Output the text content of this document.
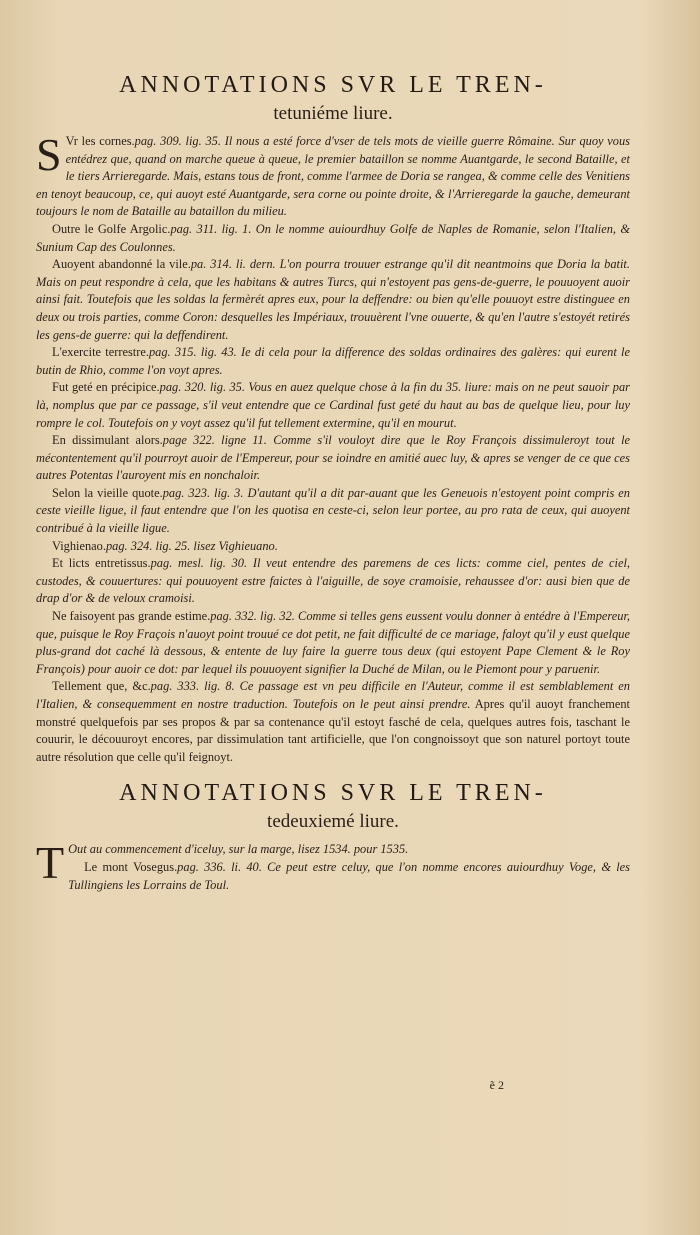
ANNOTATIONS SVR LE TREN-
tetuniéme liure.
S Vr les cornes.pag. 309. lig. 35. Il nous a esté force d'vser de tels mots de vieille guerre Rômaine. Sur quoy vous entédrez que, quand on marche queue à queue, le premier bataillon se nomme Auantgarde, le second Bataille, et le tiers Arrieregarde. Mais, estans tous de front, comme l'armee de Doria se rangea, & comme celle des Venitiens en tenoyt beaucoup, ce, qui auoyt esté Auantgarde, sera corne ou pointe droite, & l'Arrieregarde la gauche, demeurant toujours le nom de Bataille au bataillon du milieu.

Outre le Golfe Argolic.pag. 311. lig. 1. On le nomme auiourdhuy Golfe de Naples de Romanie, selon l'Italien, & Sunium Cap des Coulonnes.

Auoyent abandonné la vile.pa. 314. li. dern. L'on pourra trouuer estrange qu'il dit neantmoins que Doria la batit. Mais on peut respondre à cela, que les habitans & autres Turcs, qui n'estoyent pas gens-de-guerre, le pouuoyent auoir ainsi fait. Toutefois que les soldas la fermèrét apres eux, pour la deffendre: ou bien qu'elle pouuoyt estre distinguee en deux ou trois parties, comme Coron: desquelles les Impériaux, trouuèrent l'vne ouuerte, & qu'en l'autre s'estoyét retirés les gens-de guerre: qui la deffendirent.

L'exercite terrestre.pag. 315. lig. 43. Ie di cela pour la difference des soldas ordinaires des galères: qui eurent le butin de Rhio, comme l'on voyt apres.

Fut geté en précipice.pag. 320. lig. 35. Vous en auez quelque chose à la fin du 35. liure: mais on ne peut sauoir par là, nomplus que par ce passage, s'il veut entendre que ce Cardinal fust geté du haut au bas de quelque lieu, pour luy rompre le col. Toutefois on y voyt assez qu'il fut tellement extermine, qu'il en mourut.

En dissimulant alors.page 322. ligne 11. Comme s'il vouloyt dire que le Roy François dissimuleroyt tout le mécontentement qu'il pourroyt auoir de l'Empereur, pour se ioindre en amitié auec luy, & apres se venger de ce que ces autres Potentas l'auroyent mis en nonchaloir.

Selon la vieille quote.pag. 323. lig. 3. D'autant qu'il a dit par-auant que les Geneuois n'estoyent point compris en ceste vieille ligue, il faut entendre que l'on les quotisa en ceste-ci, selon leur portee, au pro rata de ceux, qui auoyent contribué à la vieille ligue.

Vighienao.pag. 324. lig. 25. lisez Vighieuano.

Et licts entretissus.pag. mesl. lig. 30. Il veut entendre des paremens de ces licts: comme ciel, pentes de ciel, custodes, & couuertures: qui pouuoyent estre faictes à l'aiguille, de soye cramoisie, rehaussee d'or: ausi bien que de drap d'or & de veloux cramoisi.

Ne faisoyent pas grande estime.pag. 332. lig. 32. Comme si telles gens eussent voulu donner à entédre à l'Empereur, que, puisque le Roy Fraçois n'auoyt point trouué ce dot petit, ne fait difficulté de ce mariage, faloyt qu'il y eust quelque plus-grand dot caché là dessous, & entente de luy faire la guerre tous deux (qui estoyent Pape Clement & le Roy François) pour auoir ce dot: par lequel ils pouuoyent signifier la Duché de Milan, ou le Piemont pour y paruenir.

Tellement que, &c.pag. 333. lig. 8. Ce passage est vn peu difficile en l'Auteur, comme il est semblablement en l'Italien, & consequemment en nostre traduction. Toutefois on le peut ainsi prendre. Apres qu'il auoyt franchement monstré quelquefois par ses propos & par sa contenance qu'il estoyt fasché de cela, quelques autres fois, taschant le couurir, le découuroyt encores, par dissimulation tant artificielle, que l'on congnoissoyt que son naturel portoyt toute autre résolution que celle qu'il feignoyt.

ANNOTATIONS SVR LE TREN-
tedeuxiemé liure.
T Out au commencement d'iceluy, sur la marge, lisez 1534. pour 1535.

Le mont Vosegus.pag. 336. li. 40. Ce peut estre celuy, que l'on nomme encores auiourdhuy Voge, & les Tullingiens les Lorrains de Toul.

ẽ 2
